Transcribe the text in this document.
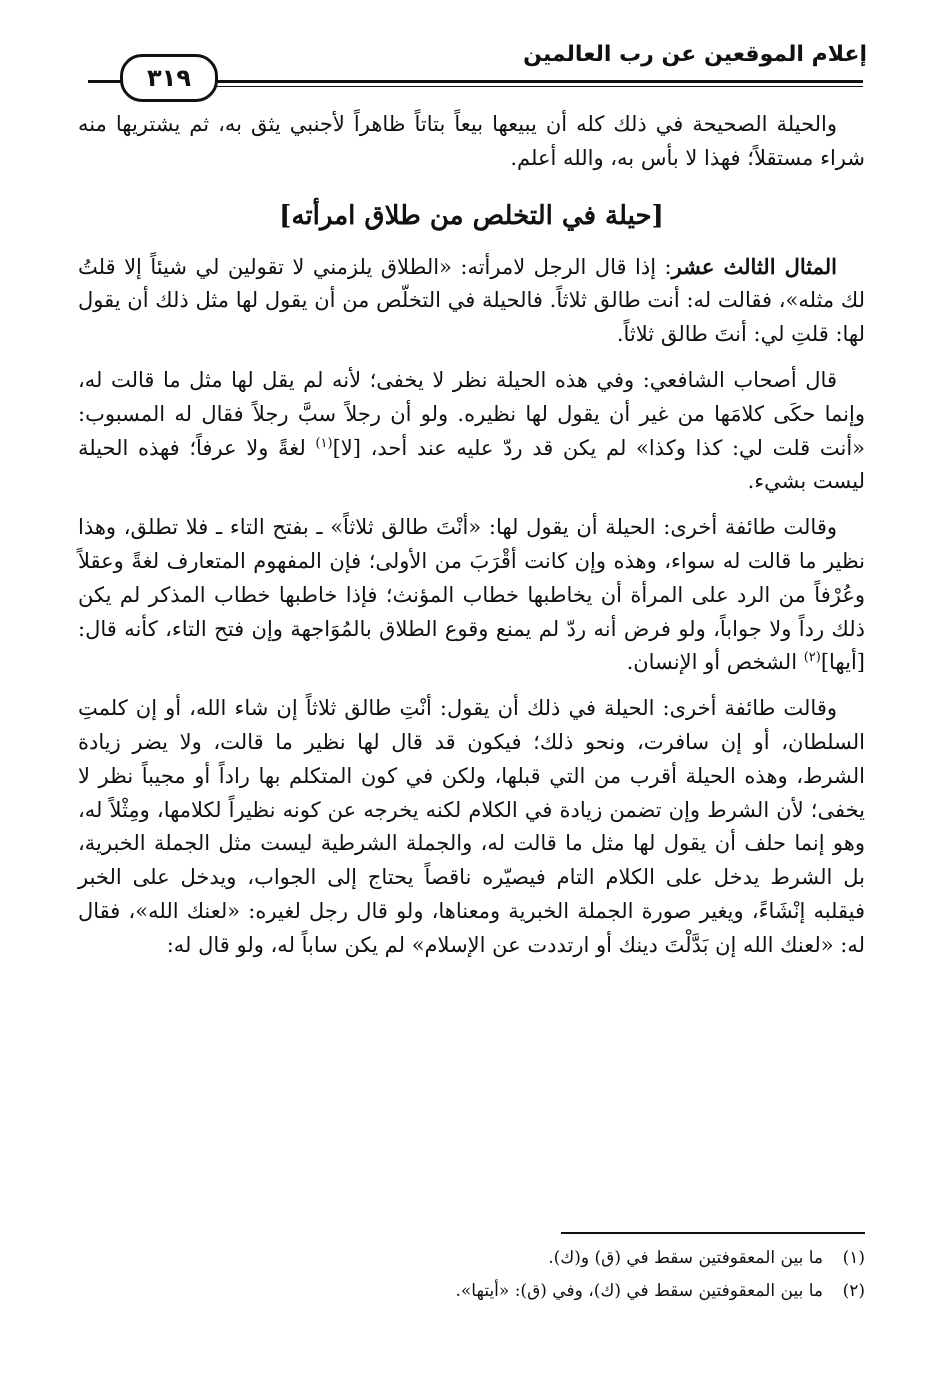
إعلام الموقعين عن رب العالمين
٣١٩

والحيلة الصحيحة في ذلك كله أن يبيعها بيعاً بتاتاً ظاهراً لأجنبي يثق به، ثم يشتريها منه شراء مستقلاً؛ فهذا لا بأس به، والله أعلم.

[حيلة في التخلص من طلاق امرأته]

المثال الثالث عشر: إذا قال الرجل لامرأته: «الطلاق يلزمني لا تقولين لي شيئاً إلا قلتُ لك مثله»، فقالت له: أنت طالق ثلاثاً. فالحيلة في التخلّص من أن يقول لها مثل ذلك أن يقول لها: قلتِ لي: أنتَ طالق ثلاثاً.

قال أصحاب الشافعي: وفي هذه الحيلة نظر لا يخفى؛ لأنه لم يقل لها مثل ما قالت له، وإنما حكَى كلامَها من غير أن يقول لها نظيره. ولو أن رجلاً سبَّ رجلاً فقال له المسبوب: «أنت قلت لي: كذا وكذا» لم يكن قد ردّ عليه عند أحد، [لا]$^{(١)}$ لغةً ولا عرفاً؛ فهذه الحيلة ليست بشيء.

وقالت طائفة أخرى: الحيلة أن يقول لها: «أنْتَ طالق ثلاثاً» ـ بفتح التاء ـ فلا تطلق، وهذا نظير ما قالت له سواء، وهذه وإن كانت أقْرَبَ من الأولى؛ فإن المفهوم المتعارف لغةً وعقلاً وعُرْفاً من الرد على المرأة أن يخاطبها خطاب المؤنث؛ فإذا خاطبها خطاب المذكر لم يكن ذلك رداً ولا جواباً، ولو فرض أنه ردّ لم يمنع وقوع الطلاق بالمُوَاجهة وإن فتح التاء، كأنه قال: [أيها]$^{(٢)}$ الشخص أو الإنسان.

وقالت طائفة أخرى: الحيلة في ذلك أن يقول: أنْتِ طالق ثلاثاً إن شاء الله، أو إن كلمتِ السلطان، أو إن سافرت، ونحو ذلك؛ فيكون قد قال لها نظير ما قالت، ولا يضر زيادة الشرط، وهذه الحيلة أقرب من التي قبلها، ولكن في كون المتكلم بها راداً أو مجيباً نظر لا يخفى؛ لأن الشرط وإن تضمن زيادة في الكلام لكنه يخرجه عن كونه نظيراً لكلامها، ومِثْلاً له، وهو إنما حلف أن يقول لها مثل ما قالت له، والجملة الشرطية ليست مثل الجملة الخبرية، بل الشرط يدخل على الكلام التام فيصيّره ناقصاً يحتاج إلى الجواب، ويدخل على الخبر فيقلبه إنْشَاءً، ويغير صورة الجملة الخبرية ومعناها، ولو قال رجل لغيره: «لعنك الله»، فقال له: «لعنك الله إن بَدَّلْتَ دينك أو ارتددت عن الإسلام» لم يكن ساباً له، ولو قال له:

(١)ما بين المعقوفتين سقط في (ق) و(ك).

(٢)ما بين المعقوفتين سقط في (ك)، وفي (ق): «أيتها».
